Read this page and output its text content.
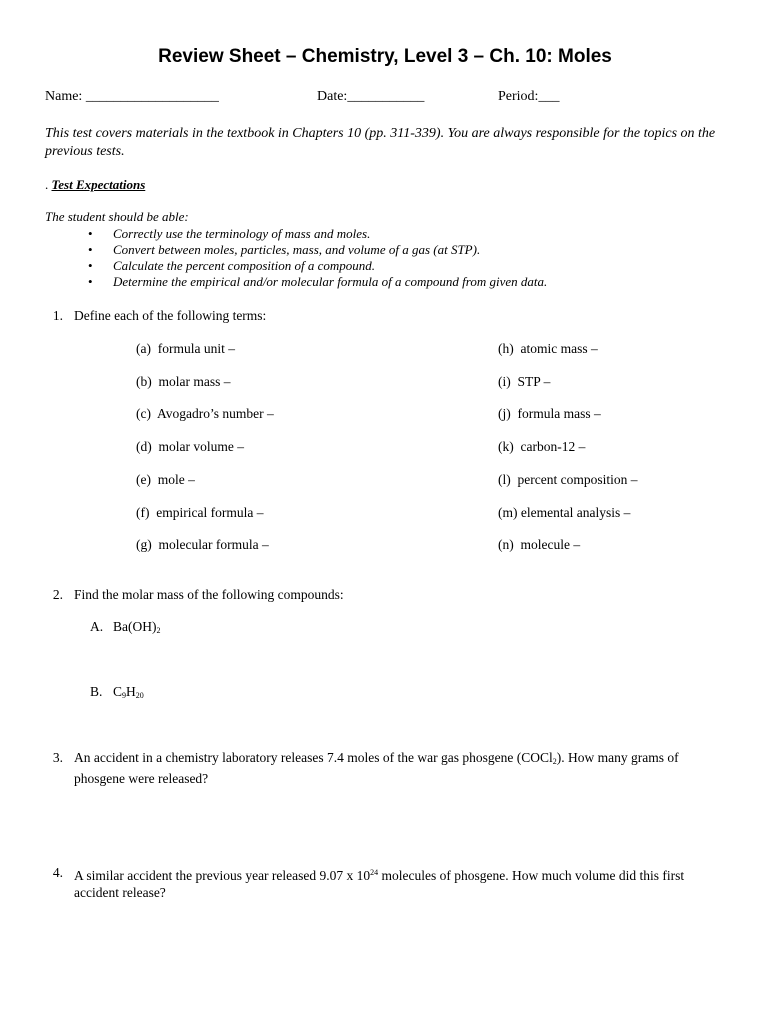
Review Sheet – Chemistry, Level 3 – Ch. 10: Moles
Name: ___________________	Date:___________	Period:___

This test covers materials in the textbook in Chapters 10 (pp. 311-339). You are always responsible for the topics on the previous tests.

. Test Expectations
The student should be able:
• Correctly use the terminology of mass and moles.
• Convert between moles, particles, mass, and volume of a gas (at STP).
• Calculate the percent composition of a compound.
• Determine the empirical and/or molecular formula of a compound from given data.
1. Define each of the following terms:
(a) formula unit –
(b) molar mass –
(c) Avogadro’s number –
(d) molar volume –
(e) mole –
(f) empirical formula –
(g) molecular formula –
(h) atomic mass –
(i) STP –
(j) formula mass –
(k) carbon-12 –
(l) percent composition –
(m) elemental analysis –
(n) molecule –
2. Find the molar mass of the following compounds:
A. $Ba(OH)_2$
B. $C_9H_{20}$
3. An accident in a chemistry laboratory releases 7.4 moles of the war gas phosgene (COCl$_2$). How many grams of phosgene were released?
4. A similar accident the previous year released 9.07 x $10^{24}$ molecules of phosgene. How much volume did this first accident release?
